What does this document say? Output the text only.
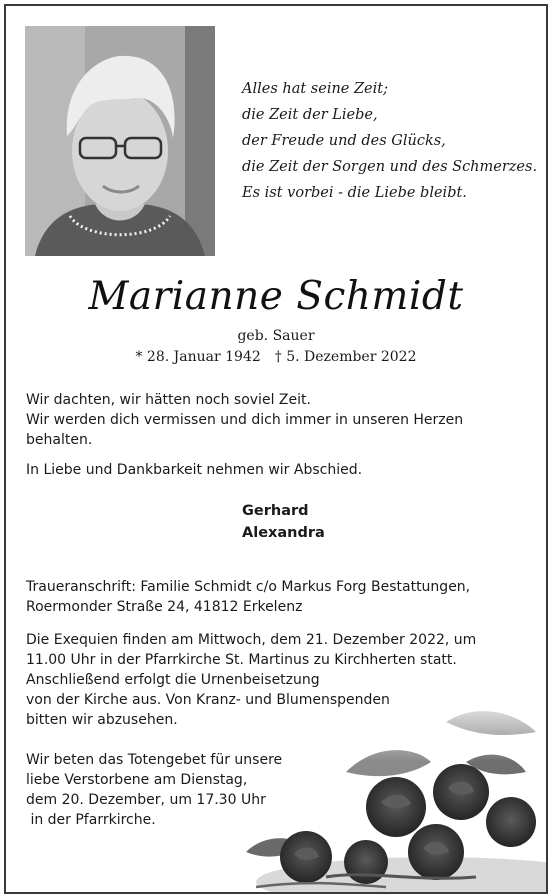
Alles hat seine Zeit;
die Zeit der Liebe,
der Freude und des Glücks,
die Zeit der Sorgen und des Schmerzes.
Es ist vorbei - die Liebe bleibt.
Marianne Schmidt
geb. Sauer
* 28. Januar 1942 † 5. Dezember 2022
Wir dachten, wir hätten noch soviel Zeit.
Wir werden dich vermissen und dich immer in unseren Herzen
behalten.
In Liebe und Dankbarkeit nehmen wir Abschied.
Gerhard
Alexandra
Traueranschrift: Familie Schmidt c/o Markus Forg Bestattungen,
Roermonder Straße 24, 41812 Erkelenz
Die Exequien finden am Mittwoch, dem 21. Dezember 2022, um
11.00 Uhr in der Pfarrkirche St. Martinus zu Kirchherten statt.
Anschließend erfolgt die Urnenbeisetzung
von der Kirche aus. Von Kranz- und Blumenspenden
bitten wir abzusehen.
Wir beten das Totengebet für unsere
liebe Verstorbene am Dienstag,
dem 20. Dezember, um 17.30 Uhr
in der Pfarrkirche.
